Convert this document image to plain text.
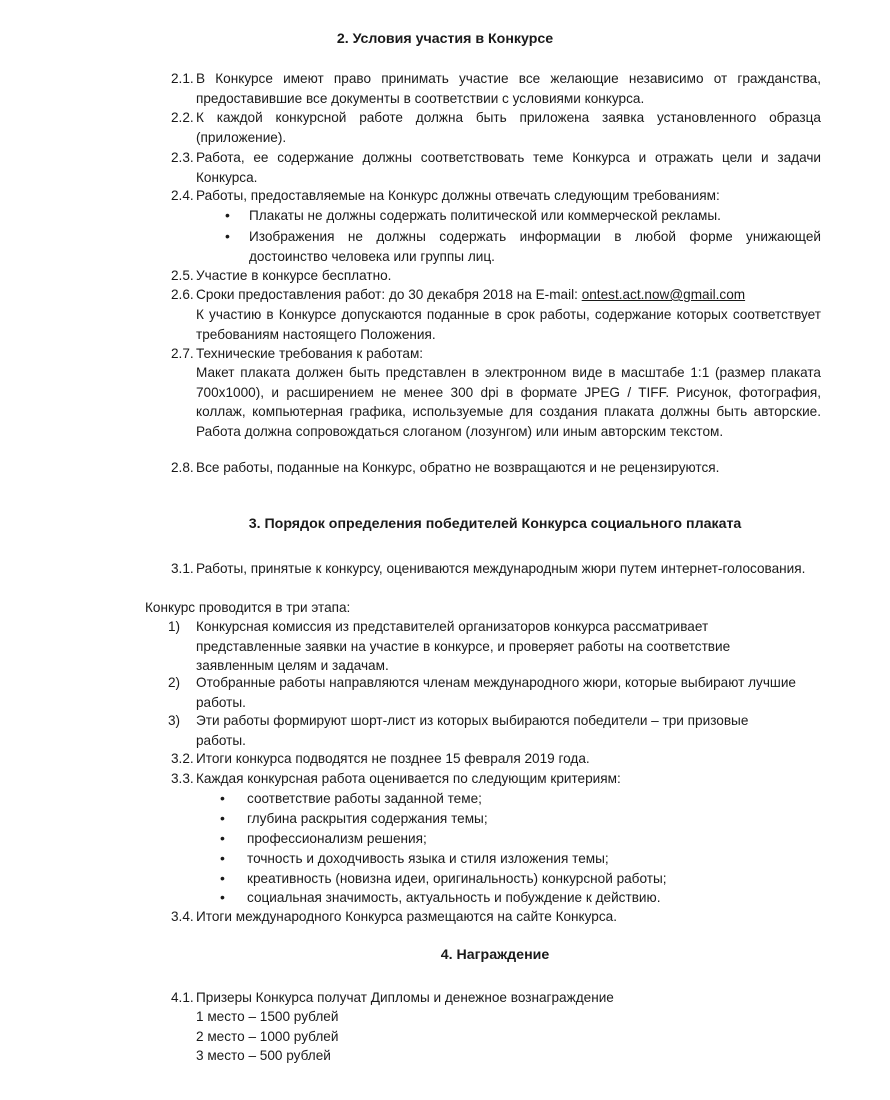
2. Условия участия в Конкурсе
2.1. В Конкурсе имеют право принимать участие все желающие независимо от гражданства, предоставившие все документы в соответствии с условиями конкурса.
2.2. К каждой конкурсной работе должна быть приложена заявка установленного образца (приложение).
2.3. Работа, ее содержание должны соответствовать теме Конкурса и отражать цели и задачи Конкурса.
2.4. Работы, предоставляемые на Конкурс должны отвечать следующим требованиям:
• Плакаты не должны содержать политической или коммерческой рекламы.
• Изображения не должны содержать информации в любой форме унижающей достоинство человека или группы лиц.
2.5. Участие в конкурсе бесплатно.
2.6. Сроки предоставления работ: до 30 декабря 2018 на E-mail: ontest.act.now@gmail.com
К участию в Конкурсе допускаются поданные в срок работы, содержание которых соответствует требованиям настоящего Положения.
2.7. Технические требования к работам:
Макет плаката должен быть представлен в электронном виде в масштабе 1:1 (размер плаката 700х1000), и расширением не менее 300 dpi в формате JPEG / TIFF. Рисунок, фотография, коллаж, компьютерная графика, используемые для создания плаката должны быть авторские. Работа должна сопровождаться слоганом (лозунгом) или иным авторским текстом.
2.8. Все работы, поданные на Конкурс, обратно не возвращаются и не рецензируются.
3. Порядок определения победителей Конкурса социального плаката
3.1. Работы, принятые к конкурсу, оцениваются международным жюри путем интернет-голосования.
Конкурс проводится в три этапа:
1) Конкурсная комиссия из представителей организаторов конкурса рассматривает представленные заявки на участие в конкурсе, и проверяет работы на соответствие заявленным целям и задачам.
2) Отобранные работы направляются членам международного жюри, которые выбирают лучшие работы.
3) Эти работы формируют шорт-лист из которых выбираются победители – три призовые работы.
3.2. Итоги конкурса подводятся не позднее 15 февраля 2019 года.
3.3. Каждая конкурсная работа оценивается по следующим критериям:
• соответствие работы заданной теме;
• глубина раскрытия содержания темы;
• профессионализм решения;
• точность и доходчивость языка и стиля изложения темы;
• креативность (новизна идеи, оригинальность) конкурсной работы;
• социальная значимость, актуальность и побуждение к действию.
3.4. Итоги международного Конкурса размещаются на сайте Конкурса.
4. Награждение
4.1. Призеры Конкурса получат Дипломы и денежное вознаграждение
1 место – 1500 рублей
2 место – 1000 рублей
3 место – 500 рублей
